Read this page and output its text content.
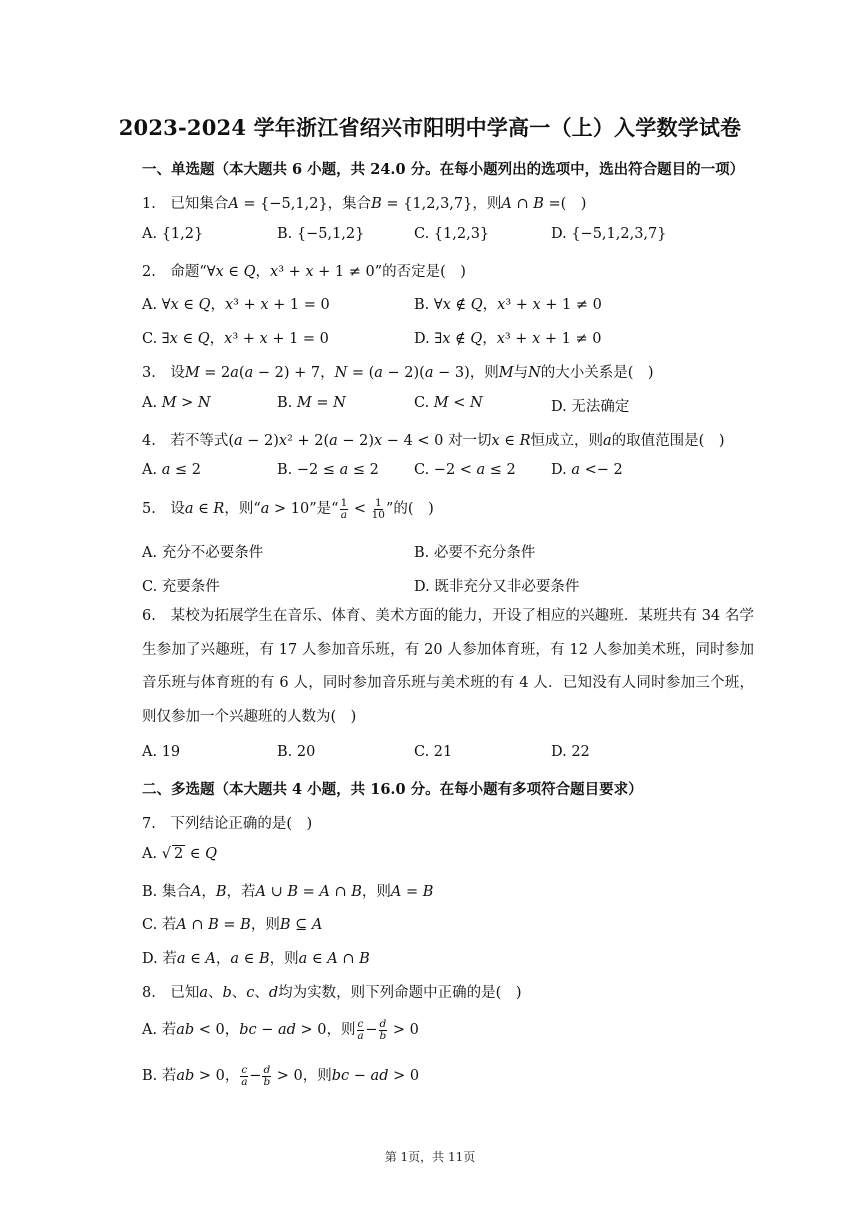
2023-2024 学年浙江省绍兴市阳明中学高一（上）入学数学试卷
一、单选题（本大题共 6 小题，共 24.0 分。在每小题列出的选项中，选出符合题目的一项）
1.　已知集合𝐴 = {−5,1,2}，集合𝐵 = {1,2,3,7}，则𝐴 ∩ 𝐵 =(　)
A. {1,2}	B. {−5,1,2}	C. {1,2,3}	D. {−5,1,2,3,7}
2.　命题“∀𝑥 ∈ 𝑄，𝑥³ + 𝑥 + 1 ≠ 0”的否定是(　)
A. ∀𝑥 ∈ 𝑄，𝑥³ + 𝑥 + 1 = 0	B. ∀𝑥 ∉ 𝑄，𝑥³ + 𝑥 + 1 ≠ 0
C. ∃𝑥 ∈ 𝑄，𝑥³ + 𝑥 + 1 = 0	D. ∃𝑥 ∉ 𝑄，𝑥³ + 𝑥 + 1 ≠ 0
3.　设𝑀 = 2𝑎(𝑎 − 2) + 7，𝑁 = (𝑎 − 2)(𝑎 − 3)，则𝑀与𝑁的大小关系是(　)
A. 𝑀 > 𝑁	B. 𝑀 = 𝑁	C. 𝑀 < 𝑁	D. 无法确定
4.　若不等式(𝑎 − 2)𝑥² + 2(𝑎 − 2)𝑥 − 4 < 0 对一切𝑥 ∈ 𝑅恒成立，则𝑎的取值范围是(　)
A. 𝑎 ≤ 2	B. −2 ≤ 𝑎 ≤ 2 C. −2 < 𝑎 ≤ 2 D. 𝑎 <− 2
5.　设𝑎 ∈ 𝑅，则“𝑎 > 10”是“ $\frac{1}{\text{𝑎}} < \frac{1}{10}$ ”的(　)
A. 充分不必要条件	B. 必要不充分条件
C. 充要条件	D. 既非充分又非必要条件
6.　某校为拓展学生在音乐、体育、美术方面的能力，开设了相应的兴趣班．某班共有 34 名学生参加了兴趣班，有 17 人参加音乐班，有 20 人参加体育班，有 12 人参加美术班，同时参加音乐班与体育班的有 6 人，同时参加音乐班与美术班的有 4 人．已知没有人同时参加三个班，则仅参加一个兴趣班的人数为(　)
A. 19	B. 20	C. 21	D. 22
二、多选题（本大题共 4 小题，共 16.0 分。在每小题有多项符合题目要求）
7.　下列结论正确的是(　)
A. √ 2 ∈ 𝑄
B. 集合𝐴，𝐵，若𝐴 ∪ 𝐵 = 𝐴 ∩ 𝐵，则𝐴 = 𝐵
C. 若𝐴 ∩ 𝐵 = 𝐵，则𝐵 ⊆ 𝐴
D. 若𝑎 ∈ 𝐴，𝑎 ∈ 𝐵，则𝑎 ∈ 𝐴 ∩ 𝐵
8.　已知𝑎、𝑏、𝑐、𝑑均为实数，则下列命题中正确的是(　)
A. 若𝑎𝑏 < 0，𝑏𝑐 − 𝑎𝑑 > 0，则 $\frac{\text{𝑐}}{\text{𝑎}} - \frac{\text{𝑑}}{\text{𝑏}} > 0$
B. 若𝑎𝑏 > 0， $\frac{\text{𝑐}}{\text{𝑎}} - \frac{\text{𝑑}}{\text{𝑏}} > 0$，则𝑏𝑐 − 𝑎𝑑 > 0
第 1页，共 11页
